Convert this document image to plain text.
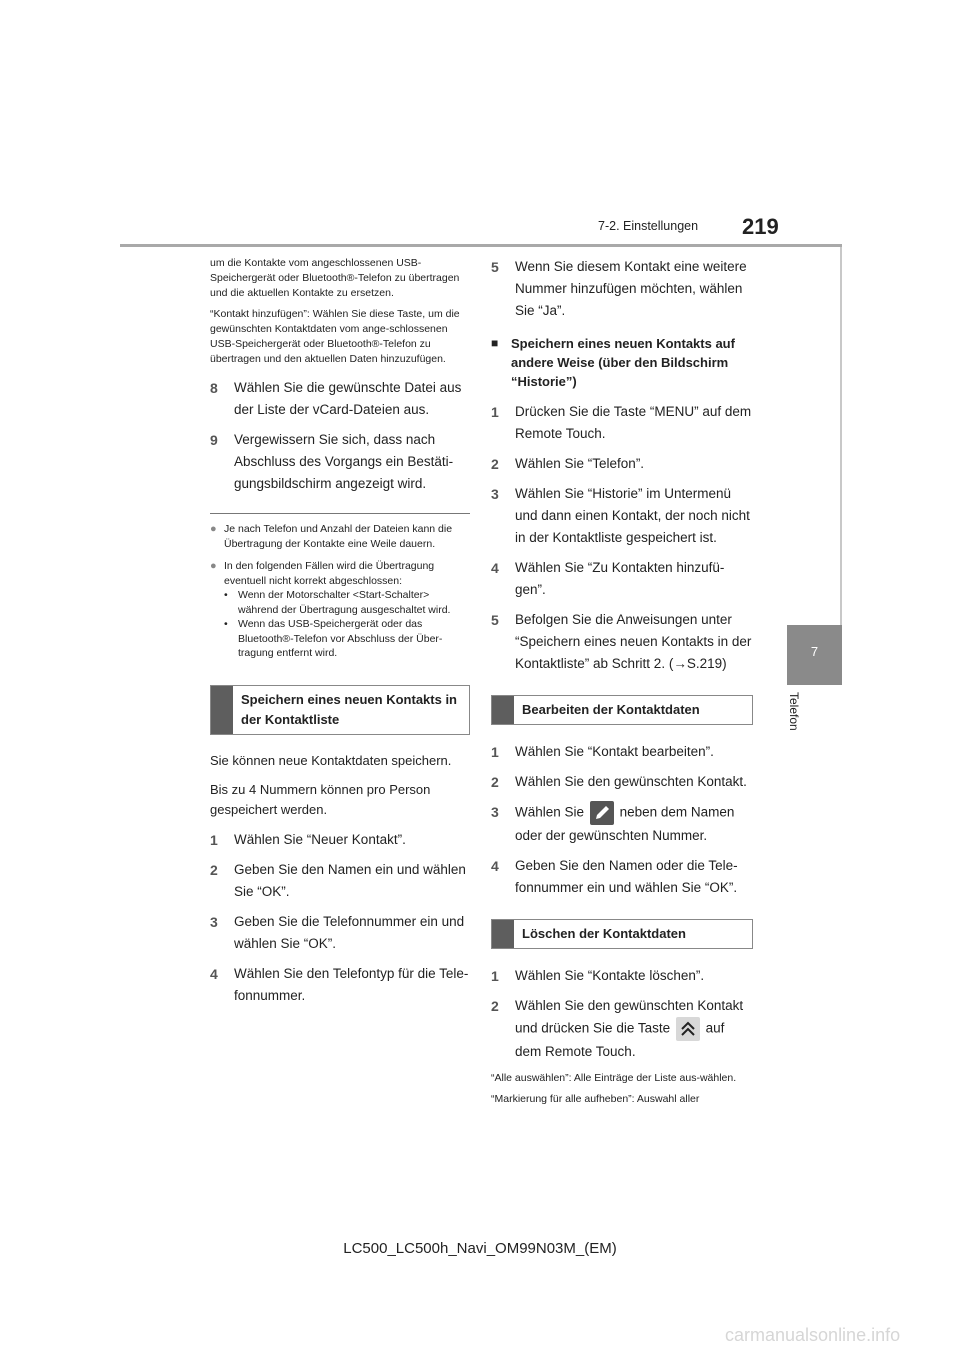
7-2. Einstellungen 219
7
Telefon

um die Kontakte vom angeschlossenen USB-Speichergerät oder Bluetooth®-Telefon zu übertragen und die aktuellen Kontakte zu ersetzen.

“Kontakt hinzufügen”: Wählen Sie diese Taste, um die gewünschten Kontaktdaten vom ange-schlossenen USB-Speichergerät oder Bluetooth®-Telefon zu übertragen und den aktuellen Daten hinzuzufügen.

8	Wählen Sie die gewünschte Datei aus der Liste der vCard-Dateien aus.
9	Vergewissern Sie sich, dass nach Abschluss des Vorgangs ein Bestäti-gungsbildschirm angezeigt wird.
● Je nach Telefon und Anzahl der Dateien kann die Übertragung der Kontakte eine Weile dauern.
● In den folgenden Fällen wird die Übertragung eventuell nicht korrekt abgeschlossen:
• Wenn der Motorschalter <Start-Schalter> während der Übertragung ausgeschaltet wird.
• Wenn das USB-Speichergerät oder das Bluetooth®-Telefon vor Abschluss der Über-tragung entfernt wird.
Speichern eines neuen Kontakts in der Kontaktliste

Sie können neue Kontaktdaten speichern.

Bis zu 4 Nummern können pro Person gespeichert werden.

1	Wählen Sie “Neuer Kontakt”.
2	Geben Sie den Namen ein und wählen Sie “OK”.
3	Geben Sie die Telefonnummer ein und wählen Sie “OK”.
4	Wählen Sie den Telefontyp für die Tele-fonnummer.
5	Wenn Sie diesem Kontakt eine weitere Nummer hinzufügen möchten, wählen Sie “Ja”.
■ Speichern eines neuen Kontakts auf andere Weise (über den Bildschirm “Historie”)
1	Drücken Sie die Taste “MENU” auf dem Remote Touch.
2	Wählen Sie “Telefon”.
3	Wählen Sie “Historie” im Untermenü und dann einen Kontakt, der noch nicht in der Kontaktliste gespeichert ist.
4	Wählen Sie “Zu Kontakten hinzufü-gen”.
5	Befolgen Sie die Anweisungen unter “Speichern eines neuen Kontakts in der Kontaktliste” ab Schritt 2. (→S.219)
Bearbeiten der Kontaktdaten
1	Wählen Sie “Kontakt bearbeiten”.
2	Wählen Sie den gewünschten Kontakt.
3	Wählen Sie	neben dem Namen oder der gewünschten Nummer.
4	Geben Sie den Namen oder die Tele-fonnummer ein und wählen Sie “OK”.
Löschen der Kontaktdaten
1	Wählen Sie “Kontakte löschen”.
2	Wählen Sie den gewünschten Kontakt und drücken Sie die Taste	auf dem Remote Touch.

“Alle auswählen”: Alle Einträge der Liste aus-wählen.

“Markierung für alle aufheben”: Auswahl aller

LC500_LC500h_Navi_OM99N03M_(EM)
carmanualsonline.info
